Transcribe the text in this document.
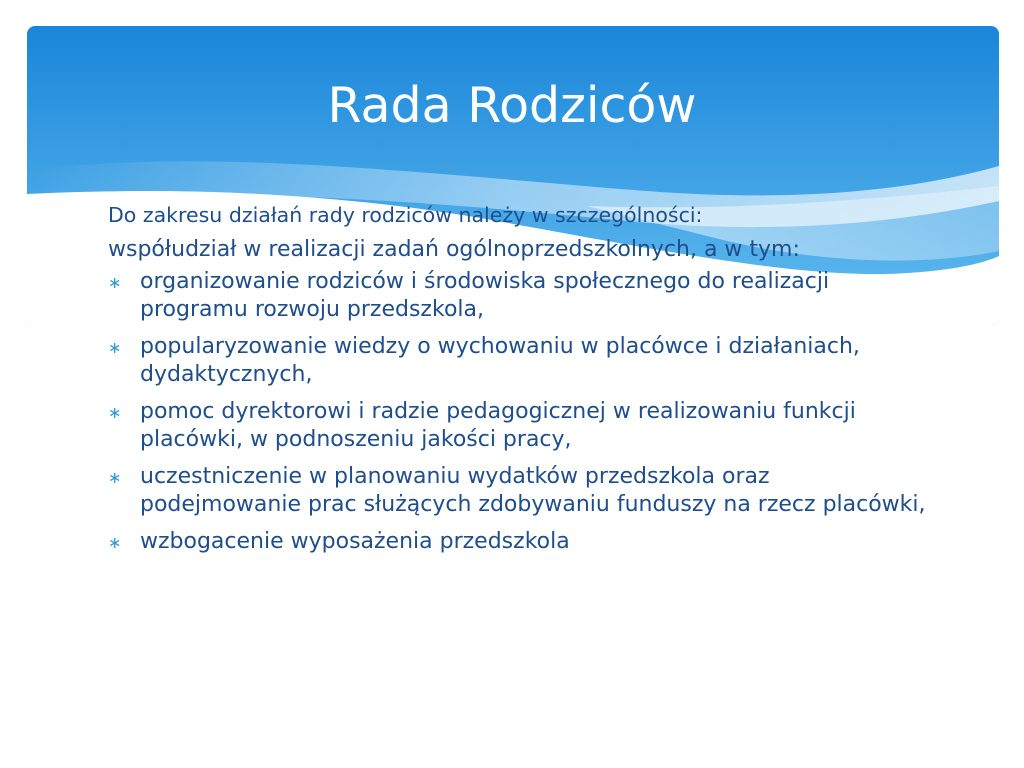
Rada Rodziców

Do zakresu działań rady rodziców należy w szczególności:

współudział w realizacji zadań ogólnoprzedszkolnych, a w tym:

∗ organizowanie rodziców i środowiska społecznego do realizacji programu rozwoju przedszkola,
∗ popularyzowanie wiedzy o wychowaniu w placówce i działaniach, dydaktycznych,
∗ pomoc dyrektorowi i radzie pedagogicznej w realizowaniu funkcji placówki, w podnoszeniu jakości pracy,
∗ uczestniczenie w planowaniu wydatków przedszkola oraz podejmowanie prac służących zdobywaniu funduszy na rzecz placówki,
∗ wzbogacenie wyposażenia przedszkola
